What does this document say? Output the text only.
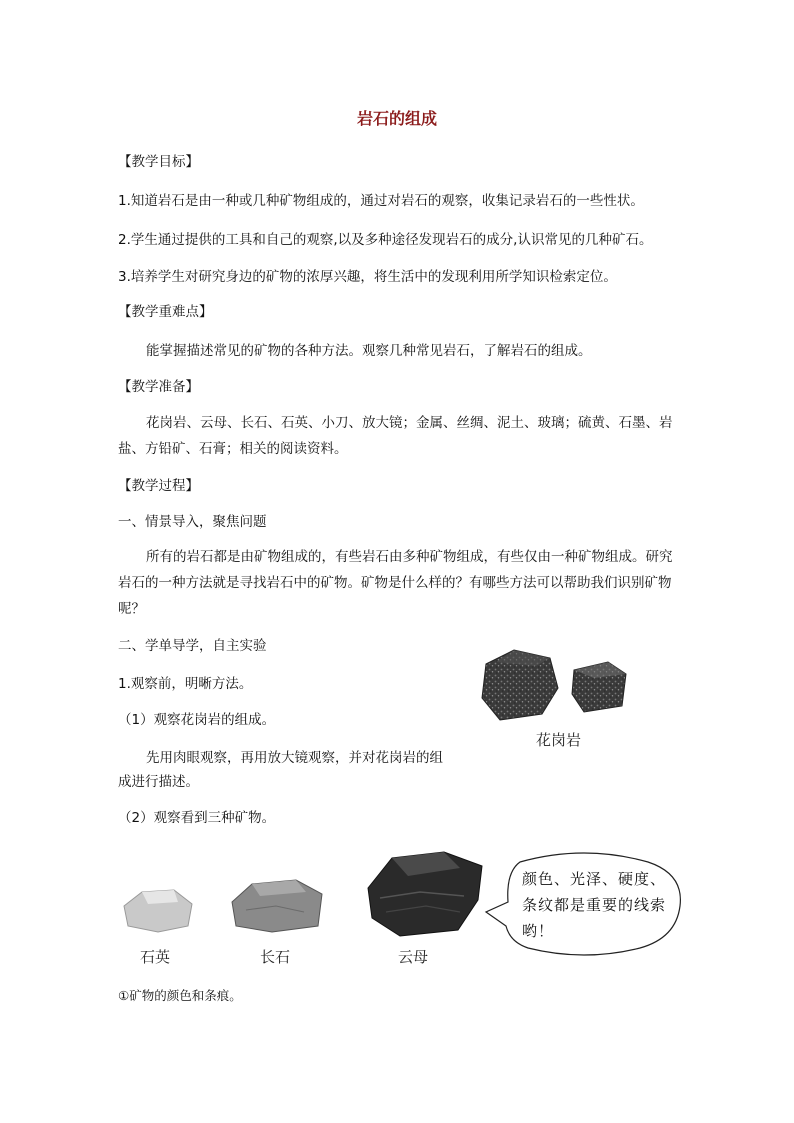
岩石的组成
【教学目标】
1.知道岩石是由一种或几种矿物组成的，通过对岩石的观察，收集记录岩石的一些性状。
2.学生通过提供的工具和自己的观察,以及多种途径发现岩石的成分,认识常见的几种矿石。
3.培养学生对研究身边的矿物的浓厚兴趣，将生活中的发现利用所学知识检索定位。
【教学重难点】
能掌握描述常见的矿物的各种方法。观察几种常见岩石，了解岩石的组成。
【教学准备】
花岗岩、云母、长石、石英、小刀、放大镜；金属、丝绸、泥土、玻璃；硫黄、石墨、岩盐、方铅矿、石膏；相关的阅读资料。
【教学过程】
一、情景导入，聚焦问题
所有的岩石都是由矿物组成的，有些岩石由多种矿物组成，有些仅由一种矿物组成。研究岩石的一种方法就是寻找岩石中的矿物。矿物是什么样的？有哪些方法可以帮助我们识别矿物呢？
二、学单导学，自主实验
1.观察前，明晰方法。
（1）观察花岗岩的组成。
先用肉眼观察，再用放大镜观察，并对花岗岩的组
成进行描述。
（2）观察看到三种矿物。
花岗岩
石英	长石	云母
颜色、光泽、硬度、条纹都是重要的线索哟！
①矿物的颜色和条痕。
